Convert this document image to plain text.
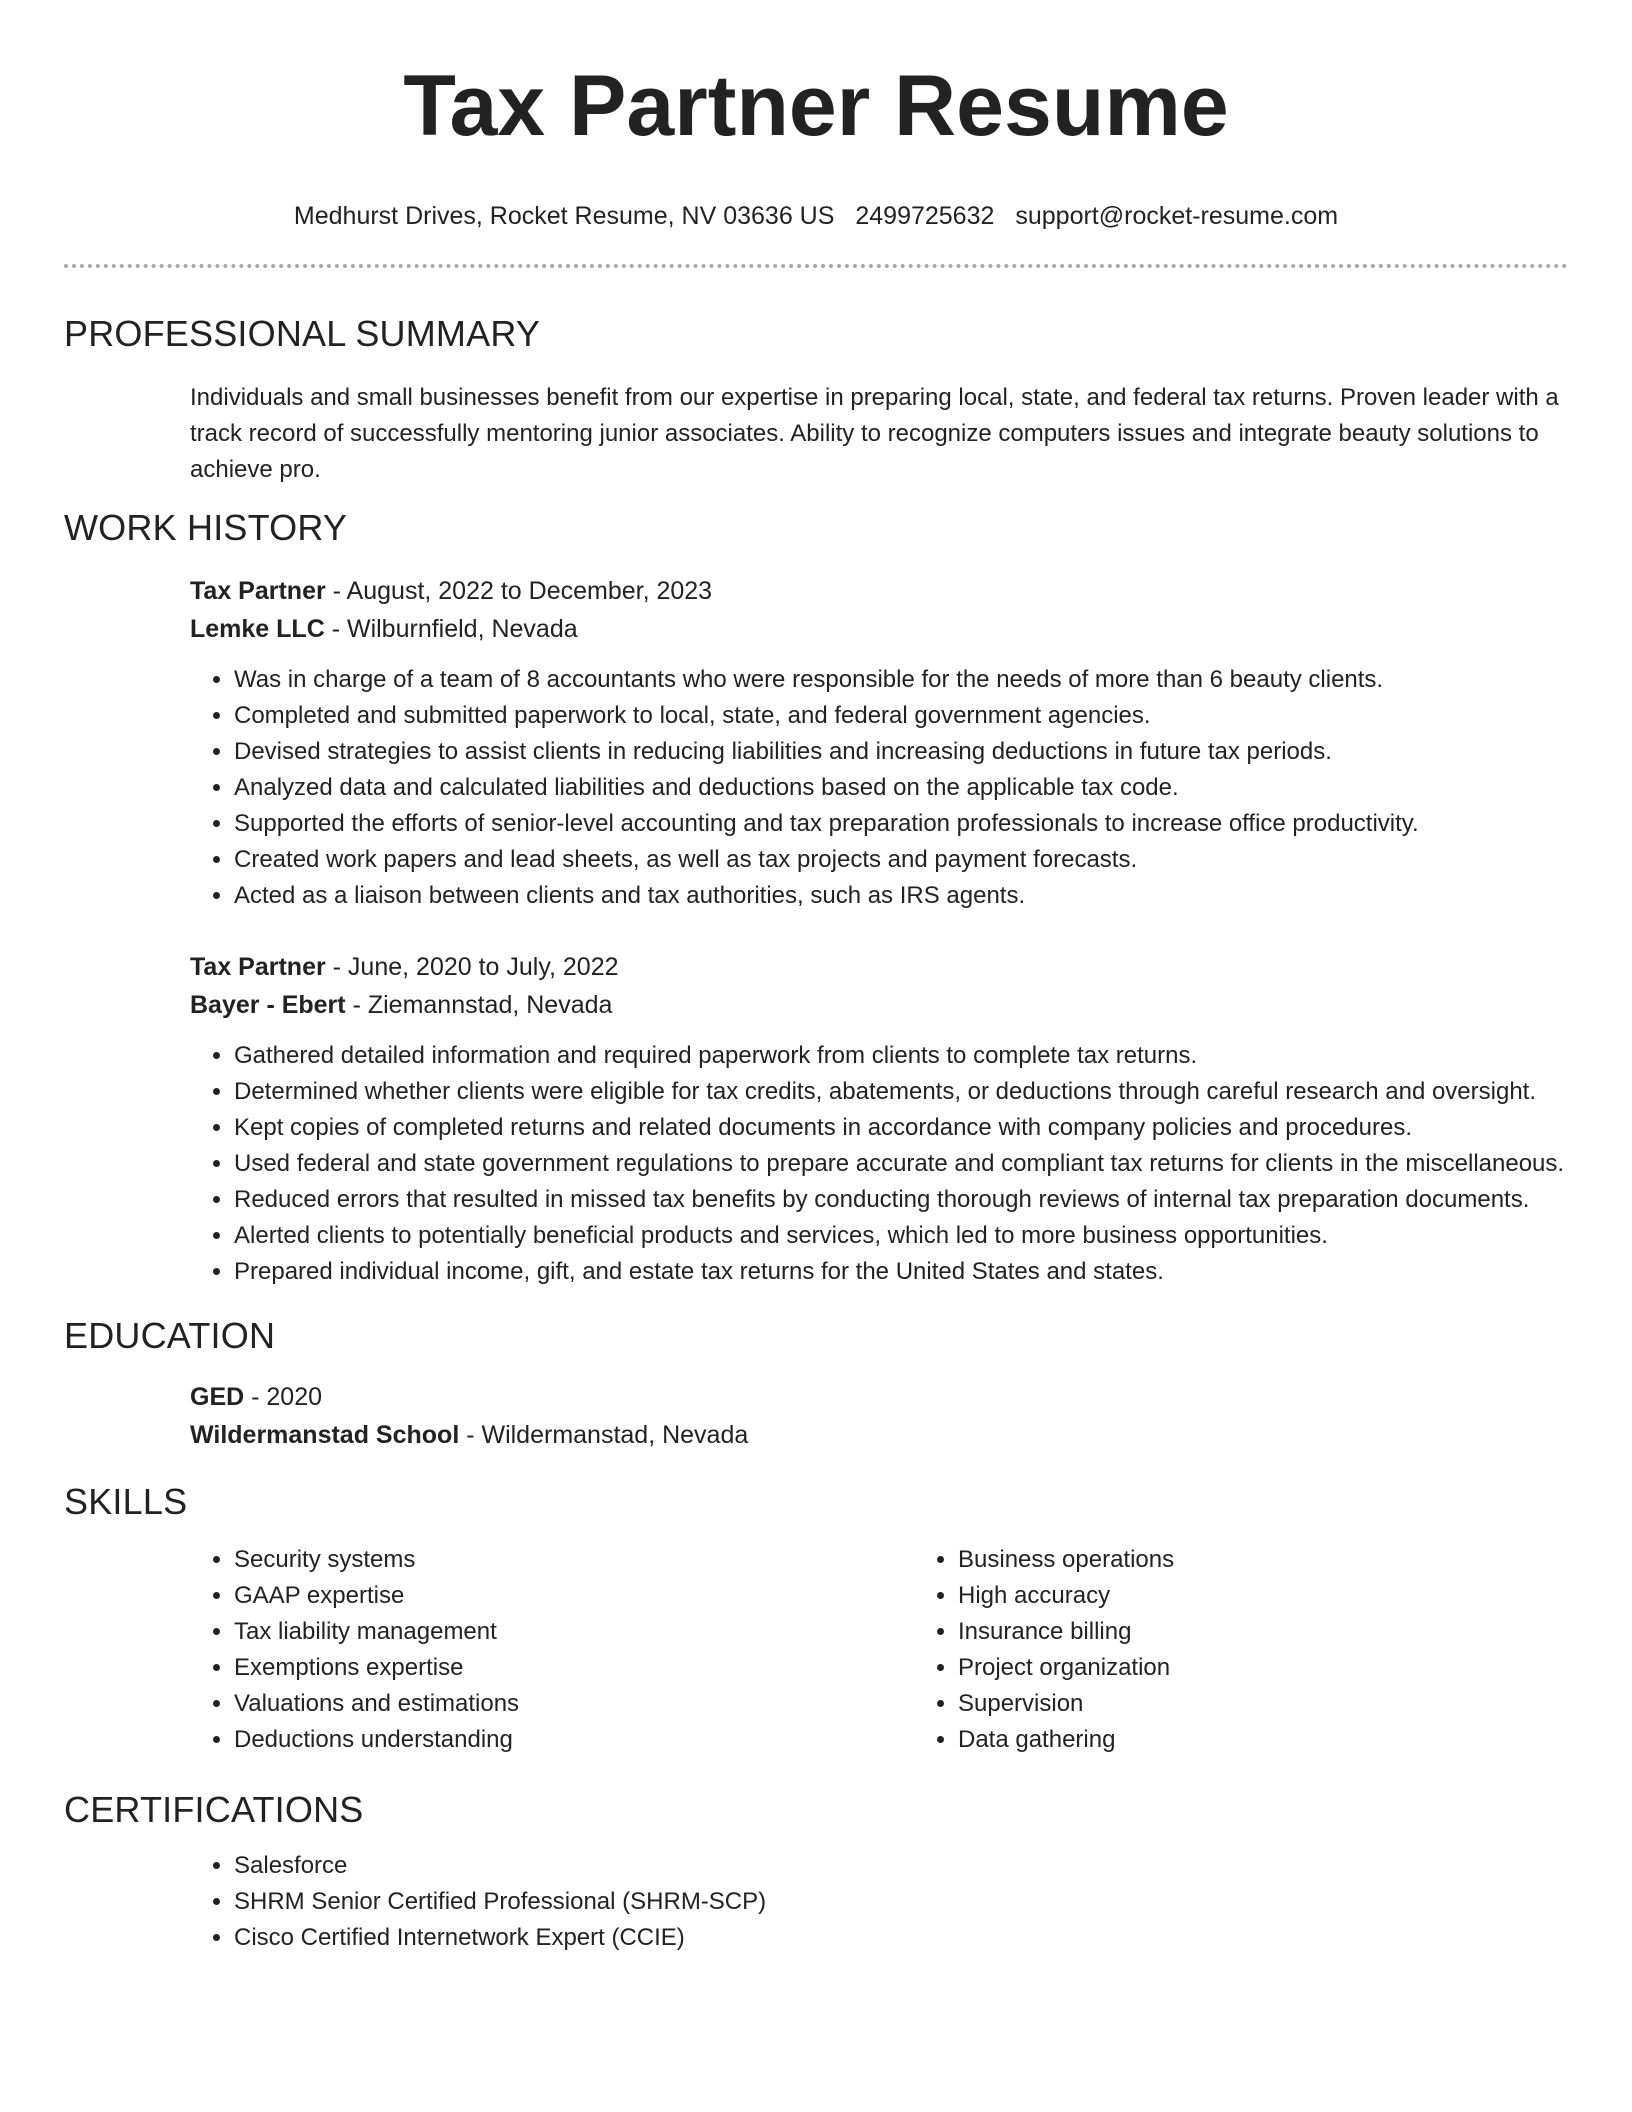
Tax Partner Resume
Medhurst Drives, Rocket Resume, NV 03636 US 2499725632 support@rocket-resume.com
PROFESSIONAL SUMMARY

Individuals and small businesses benefit from our expertise in preparing local, state, and federal tax returns. Proven leader with a track record of successfully mentoring junior associates. Ability to recognize computers issues and integrate beauty solutions to achieve pro.

WORK HISTORY
Tax Partner - August, 2022 to December, 2023
Lemke LLC - Wilburnfield, Nevada
• Was in charge of a team of 8 accountants who were responsible for the needs of more than 6 beauty clients.
• Completed and submitted paperwork to local, state, and federal government agencies.
• Devised strategies to assist clients in reducing liabilities and increasing deductions in future tax periods.
• Analyzed data and calculated liabilities and deductions based on the applicable tax code.
• Supported the efforts of senior-level accounting and tax preparation professionals to increase office productivity.
• Created work papers and lead sheets, as well as tax projects and payment forecasts.
• Acted as a liaison between clients and tax authorities, such as IRS agents.
Tax Partner - June, 2020 to July, 2022
Bayer - Ebert - Ziemannstad, Nevada
• Gathered detailed information and required paperwork from clients to complete tax returns.
• Determined whether clients were eligible for tax credits, abatements, or deductions through careful research and oversight.
• Kept copies of completed returns and related documents in accordance with company policies and procedures.
• Used federal and state government regulations to prepare accurate and compliant tax returns for clients in the miscellaneous.
• Reduced errors that resulted in missed tax benefits by conducting thorough reviews of internal tax preparation documents.
• Alerted clients to potentially beneficial products and services, which led to more business opportunities.
• Prepared individual income, gift, and estate tax returns for the United States and states.
EDUCATION
GED - 2020
Wildermanstad School - Wildermanstad, Nevada
SKILLS
• Security systems
• GAAP expertise
• Tax liability management
• Exemptions expertise
• Valuations and estimations
• Deductions understanding
• Business operations
• High accuracy
• Insurance billing
• Project organization
• Supervision
• Data gathering
CERTIFICATIONS
• Salesforce
• SHRM Senior Certified Professional (SHRM-SCP)
• Cisco Certified Internetwork Expert (CCIE)
